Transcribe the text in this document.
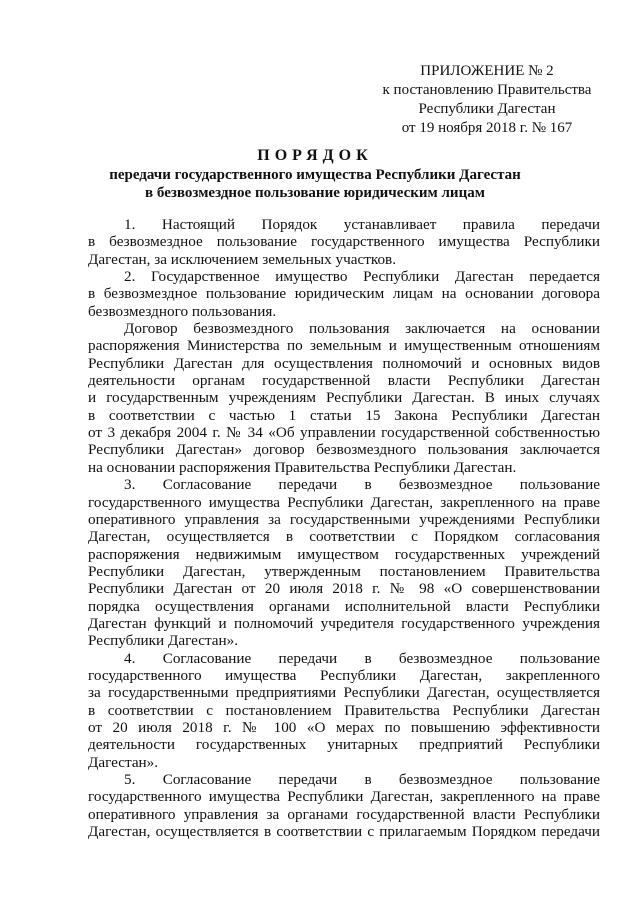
ПРИЛОЖЕНИЕ № 2
к постановлению Правительства
Республики Дагестан
от 19 ноября 2018 г. № 167
ПОРЯДОК
передачи государственного имущества Республики Дагестан
в безвозмездное пользование юридическим лицам
1. Настоящий Порядок устанавливает правила передачи
в безвозмездное пользование государственного имущества Республики
Дагестан, за исключением земельных участков.
2. Государственное имущество Республики Дагестан передается
в безвозмездное пользование юридическим лицам на основании договора
безвозмездного пользования.
Договор безвозмездного пользования заключается на основании
распоряжения Министерства по земельным и имущественным отношениям
Республики Дагестан для осуществления полномочий и основных видов
деятельности органам государственной власти Республики Дагестан
и государственным учреждениям Республики Дагестан. В иных случаях
в соответствии с частью 1 статьи 15 Закона Республики Дагестан
от 3 декабря 2004 г. № 34 «Об управлении государственной собственностью
Республики Дагестан» договор безвозмездного пользования заключается
на основании распоряжения Правительства Республики Дагестан.
3. Согласование передачи в безвозмездное пользование
государственного имущества Республики Дагестан, закрепленного на праве
оперативного управления за государственными учреждениями Республики
Дагестан, осуществляется в соответствии с Порядком согласования
распоряжения недвижимым имуществом государственных учреждений
Республики Дагестан, утвержденным постановлением Правительства
Республики Дагестан от 20 июля 2018 г. № 98 «О совершенствовании
порядка осуществления органами исполнительной власти Республики
Дагестан функций и полномочий учредителя государственного учреждения
Республики Дагестан».
4. Согласование передачи в безвозмездное пользование
государственного имущества Республики Дагестан, закрепленного
за государственными предприятиями Республики Дагестан, осуществляется
в соответствии с постановлением Правительства Республики Дагестан
от 20 июля 2018 г. № 100 «О мерах по повышению эффективности
деятельности государственных унитарных предприятий Республики
Дагестан».
5. Согласование передачи в безвозмездное пользование
государственного имущества Республики Дагестан, закрепленного на праве
оперативного управления за органами государственной власти Республики
Дагестан, осуществляется в соответствии с прилагаемым Порядком передачи
